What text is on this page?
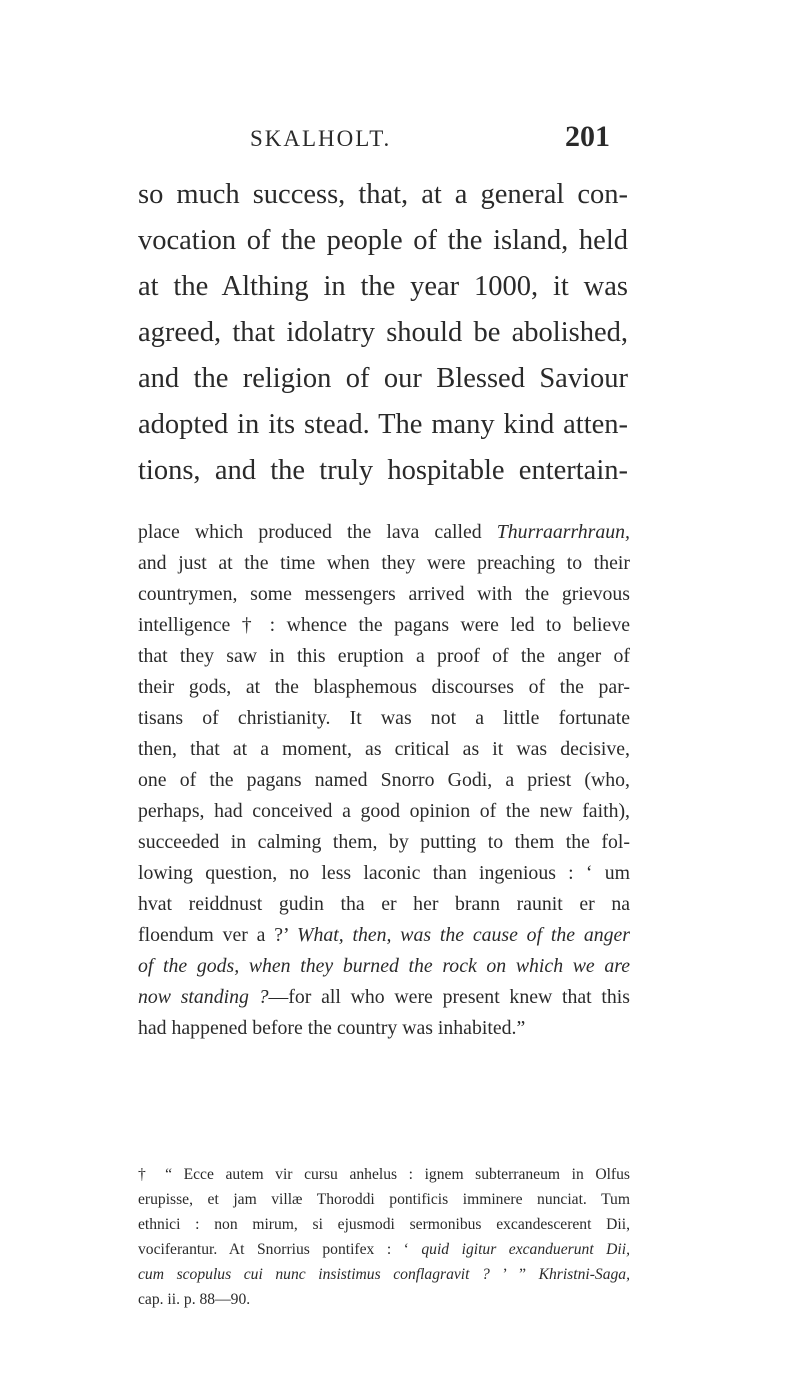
SKALHOLT.	201
so much success, that, at a general con-
vocation of the people of the island, held
at the Althing in the year 1000, it was
agreed, that idolatry should be abolished,
and the religion of our Blessed Saviour
adopted in its stead. The many kind atten-
tions, and the truly hospitable entertain-
place which produced the lava called Thurraarrhraun,
and just at the time when they were preaching to their
countrymen, some messengers arrived with the grievous
intelligence † : whence the pagans were led to believe
that they saw in this eruption a proof of the anger of
their gods, at the blasphemous discourses of the par-
tisans of christianity. It was not a little fortunate
then, that at a moment, as critical as it was decisive,
one of the pagans named Snorro Godi, a priest (who,
perhaps, had conceived a good opinion of the new faith),
succeeded in calming them, by putting to them the fol-
lowing question, no less laconic than ingenious : ‘ um
hvat reiddnust gudin tha er her brann raunit er na
floendum ver a ?’ What, then, was the cause of the anger
of the gods, when they burned the rock on which we are
now standing ?—for all who were present knew that this
had happened before the country was inhabited.”
† “ Ecce autem vir cursu anhelus : ignem subterraneum in Olfus
erupisse, et jam villæ Thoroddi pontificis imminere nunciat. Tum
ethnici : non mirum, si ejusmodi sermonibus excandescerent Dii,
vociferantur. At Snorrius pontifex : ‘ quid igitur excanduerunt Dii,
cum scopulus cui nunc insistimus conflagravit ? ’ ” Khristni-Saga,
cap. ii. p. 88—90.
